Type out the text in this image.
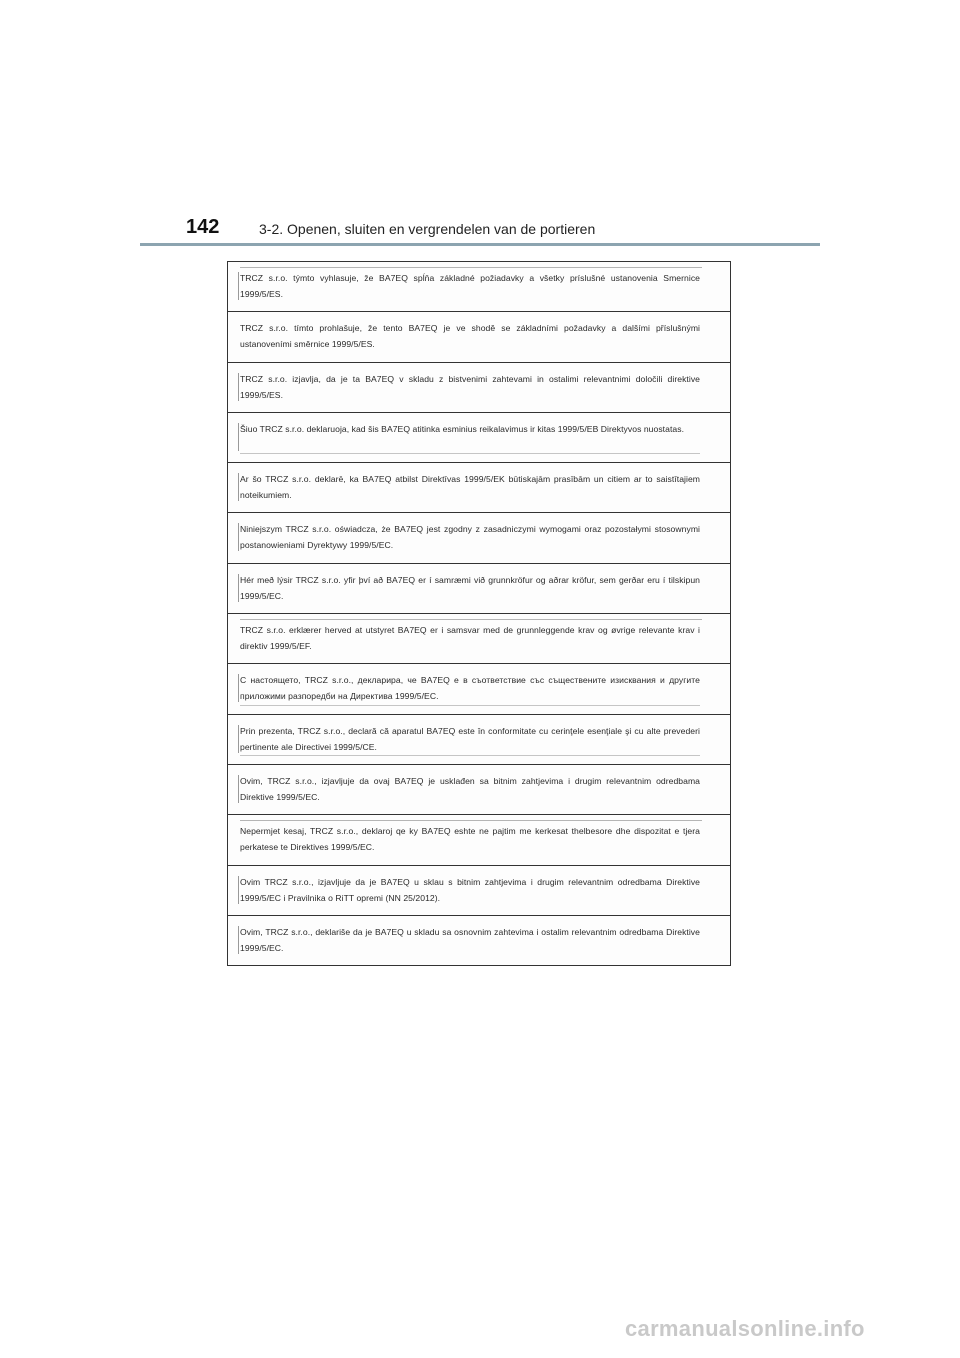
142	3-2. Openen, sluiten en vergrendelen van de portieren
TRCZ s.r.o. týmto vyhlasuje, že BA7EQ spĺňa základné požiadavky a všetky príslušné ustanovenia Smernice 1999/5/ES.
TRCZ s.r.o. tímto prohlašuje, že tento BA7EQ je ve shodě se základními požadavky a dalšími příslušnými ustanoveními směrnice 1999/5/ES.
TRCZ s.r.o. izjavlja, da je ta BA7EQ v skladu z bistvenimi zahtevami in ostalimi relevantnimi določili direktive 1999/5/ES.
Šiuo TRCZ s.r.o. deklaruoja, kad šis BA7EQ atitinka esminius reikalavimus ir kitas 1999/5/EB Direktyvos nuostatas.
Ar šo TRCZ s.r.o. deklarē, ka BA7EQ atbilst Direktīvas 1999/5/EK būtiskajām prasībām un citiem ar to saistītajiem noteikumiem.
Niniejszym TRCZ s.r.o. oświadcza, że BA7EQ jest zgodny z zasadniczymi wymogami oraz pozostałymi stosownymi postanowieniami Dyrektywy 1999/5/EC.
Hér með lýsir TRCZ s.r.o. yfir því að BA7EQ er í samræmi við grunnkröfur og aðrar kröfur, sem gerðar eru í tilskipun 1999/5/EC.
TRCZ s.r.o. erklærer herved at utstyret BA7EQ er i samsvar med de grunnleggende krav og øvrige relevante krav i direktiv 1999/5/EF.
С настоящето, TRCZ s.r.o., декларира, че BA7EQ е в съответствие със съществените изисквания и другите приложими разпоредби на Директива 1999/5/ЕС.
Prin prezenta, TRCZ s.r.o., declară că aparatul BA7EQ este în conformitate cu cerinţele esenţiale şi cu alte prevederi pertinente ale Directivei 1999/5/CE.
Ovim, TRCZ s.r.o., izjavljuje da ovaj BA7EQ je usklađen sa bitnim zahtjevima i drugim relevantnim odredbama Direktive 1999/5/EC.
Nepermjet kesaj, TRCZ s.r.o., deklaroj qe ky BA7EQ eshte ne pajtim me kerkesat thelbesore dhe dispozitat e tjera perkatese te Direktives 1999/5/EC.
Ovim TRCZ s.r.o., izjavljuje da je BA7EQ u sklau s bitnim zahtjevima i drugim relevantnim odredbama Direktive 1999/5/EC i Pravilnika o RiTT opremi (NN 25/2012).
Ovim, TRCZ s.r.o., deklariše da je BA7EQ u skladu sa osnovnim zahtevima i ostalim relevantnim odredbama Direktive 1999/5/EC.
carmanualsonline.info
